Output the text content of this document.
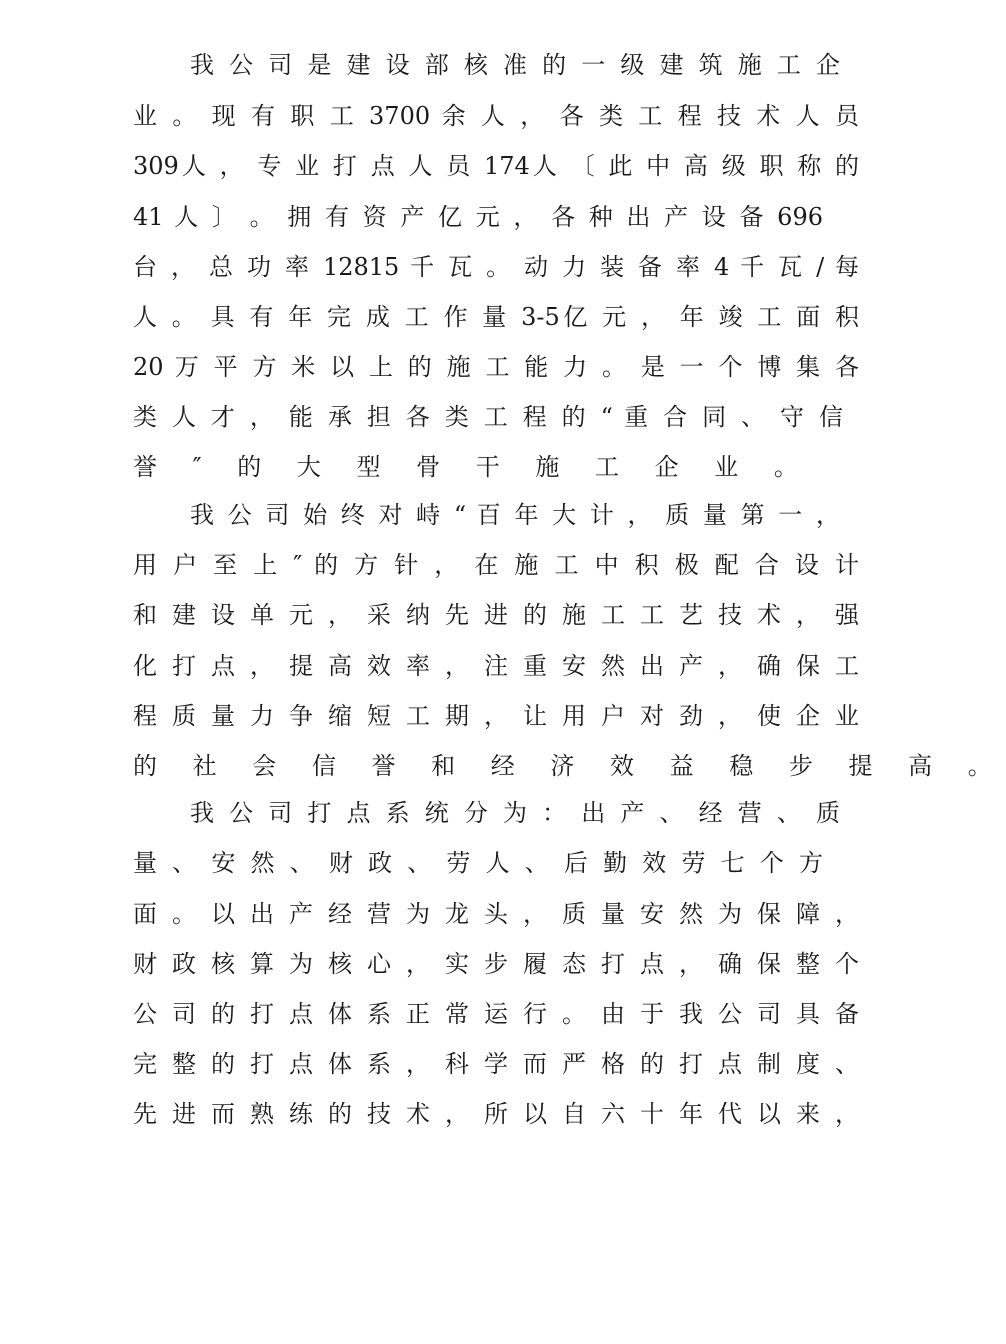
我 公 司 是 建 设 部 核 准 的 一 级 建 筑 施 工 企
业 。 现 有 职 工 3700 余 人 ， 各 类 工 程 技 术 人 员
309人 ， 专 业 打 点 人 员 174人 〔 此 中 高 级 职 称 的
41 人 〕 。 拥 有 资 产 亿 元 ， 各 种 出 产 设 备 696
台 ， 总 功 率 12815 千 瓦 。 动 力 装 备 率 4 千 瓦 / 每
人 。 具 有 年 完 成 工 作 量 3-5亿 元 ， 年 竣 工 面 积
20 万 平 方 米 以 上 的 施 工 能 力 。 是 一 个 博 集 各
类 人 才 ， 能 承 担 各 类 工 程 的 “ 重 合 同 、 守 信
誉 ″ 的 大 型 骨 干 施 工 企 业 。
我 公 司 始 终 对 峙 “ 百 年 大 计 ， 质 量 第 一 ，
用 户 至 上 ″ 的 方 针 ， 在 施 工 中 积 极 配 合 设 计
和 建 设 单 元 ， 采 纳 先 进 的 施 工 工 艺 技 术 ， 强
化 打 点 ， 提 高 效 率 ， 注 重 安 然 出 产 ， 确 保 工
程 质 量 力 争 缩 短 工 期 ， 让 用 户 对 劲 ， 使 企 业
的 社 会 信 誉 和 经 济 效 益 稳 步 提 高 。
我 公 司 打 点 系 统 分 为 ： 出 产 、 经 营 、 质
量 、 安 然 、 财 政 、 劳 人 、 后 勤 效 劳 七 个 方
面 。 以 出 产 经 营 为 龙 头 ， 质 量 安 然 为 保 障 ，
财 政 核 算 为 核 心 ， 实 步 履 态 打 点 ， 确 保 整 个
公 司 的 打 点 体 系 正 常 运 行 。 由 于 我 公 司 具 备
完 整 的 打 点 体 系 ， 科 学 而 严 格 的 打 点 制 度 、
先 进 而 熟 练 的 技 术 ， 所 以 自 六 十 年 代 以 来 ，
